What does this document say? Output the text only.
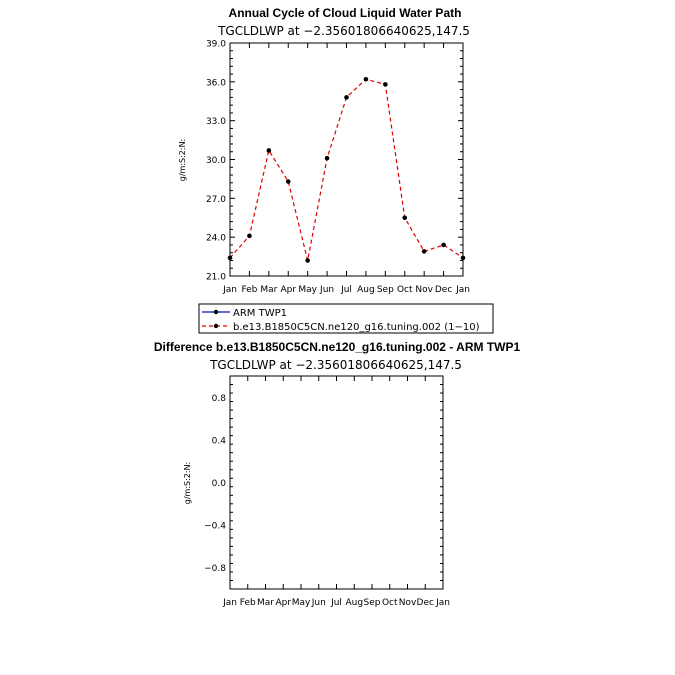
Annual Cycle of Cloud Liquid Water Path
TGCLDLWP at −2.35601806640625,147.5
g/m:S:2:N:
21.0
24.0
27.0
30.0
33.0
36.0
39.0
Jan Feb Mar Apr May Jun Jul Aug Sep Oct Nov Dec Jan
ARM TWP1
b.e13.B1850C5CN.ne120_g16.tuning.002 (1−10)
Difference b.e13.B1850C5CN.ne120_g16.tuning.002 - ARM TWP1
TGCLDLWP at −2.35601806640625,147.5
g/m:S:2:N:
−0.8
−0.4
0.0
0.4
0.8
Jan Feb Mar Apr May Jun Jul Aug Sep Oct Nov Dec Jan
